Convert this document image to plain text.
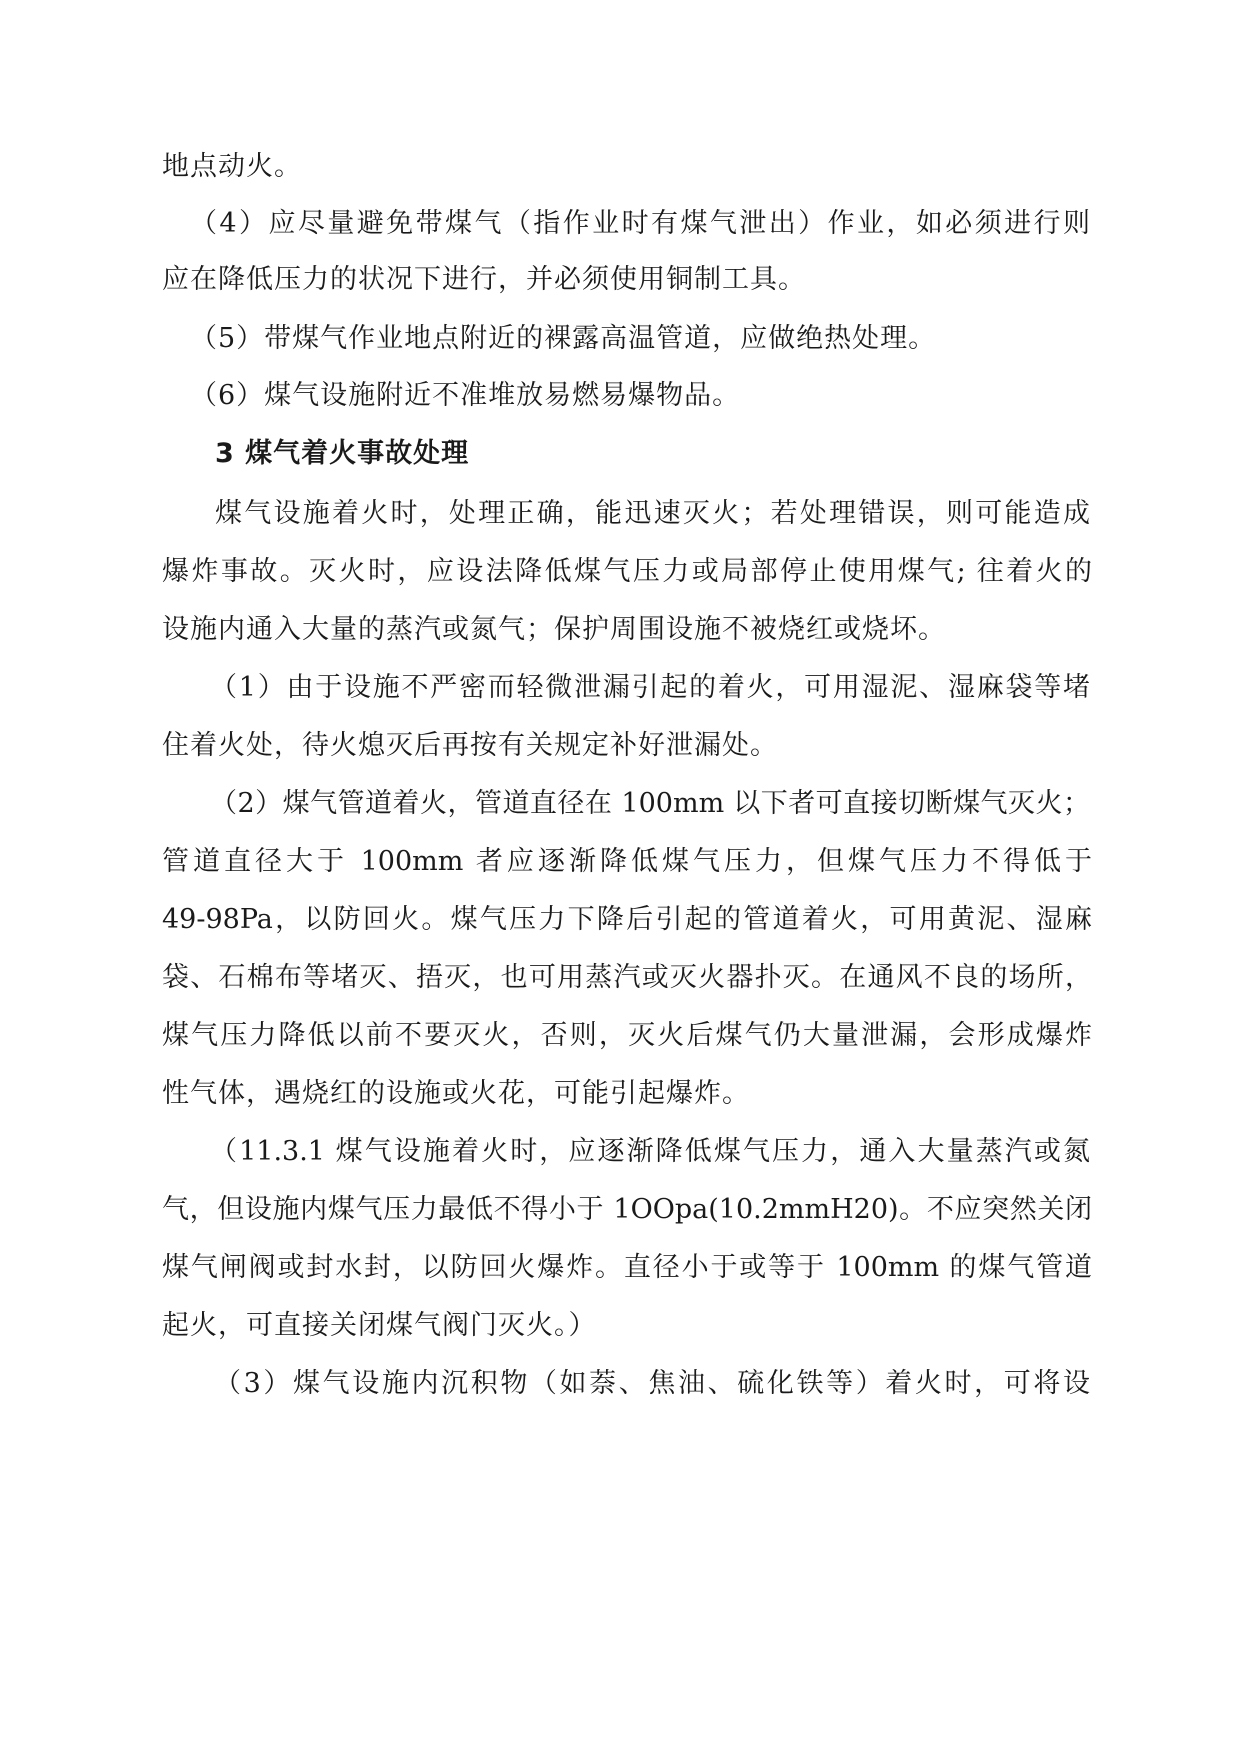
地点动火。
（4）应尽量避免带煤气（指作业时有煤气泄出）作业，如必须进行则
应在降低压力的状况下进行，并必须使用铜制工具。
（5）带煤气作业地点附近的裸露高温管道，应做绝热处理。
（6）煤气设施附近不准堆放易燃易爆物品。
3 煤气着火事故处理
煤气设施着火时，处理正确，能迅速灭火；若处理错误，则可能造成
爆炸事故。灭火时，应设法降低煤气压力或局部停止使用煤气; 往着火的
设施内通入大量的蒸汽或氮气；保护周围设施不被烧红或烧坏。
（1）由于设施不严密而轻微泄漏引起的着火，可用湿泥、湿麻袋等堵
住着火处，待火熄灭后再按有关规定补好泄漏处。
（2）煤气管道着火，管道直径在 100mm 以下者可直接切断煤气灭火；
管道直径大于 100mm 者应逐渐降低煤气压力，但煤气压力不得低于
49-98Pa，以防回火。煤气压力下降后引起的管道着火，可用黄泥、湿麻
袋、石棉布等堵灭、捂灭，也可用蒸汽或灭火器扑灭。在通风不良的场所，
煤气压力降低以前不要灭火，否则，灭火后煤气仍大量泄漏，会形成爆炸
性气体，遇烧红的设施或火花，可能引起爆炸。
（11.3.1 煤气设施着火时，应逐渐降低煤气压力，通入大量蒸汽或氮
气，但设施内煤气压力最低不得小于 1OOpa(10.2mmH20)。不应突然关闭
煤气闸阀或封水封，以防回火爆炸。直径小于或等于 100mm 的煤气管道
起火，可直接关闭煤气阀门灭火。）
（3）煤气设施内沉积物（如萘、焦油、硫化铁等）着火时，可将设
